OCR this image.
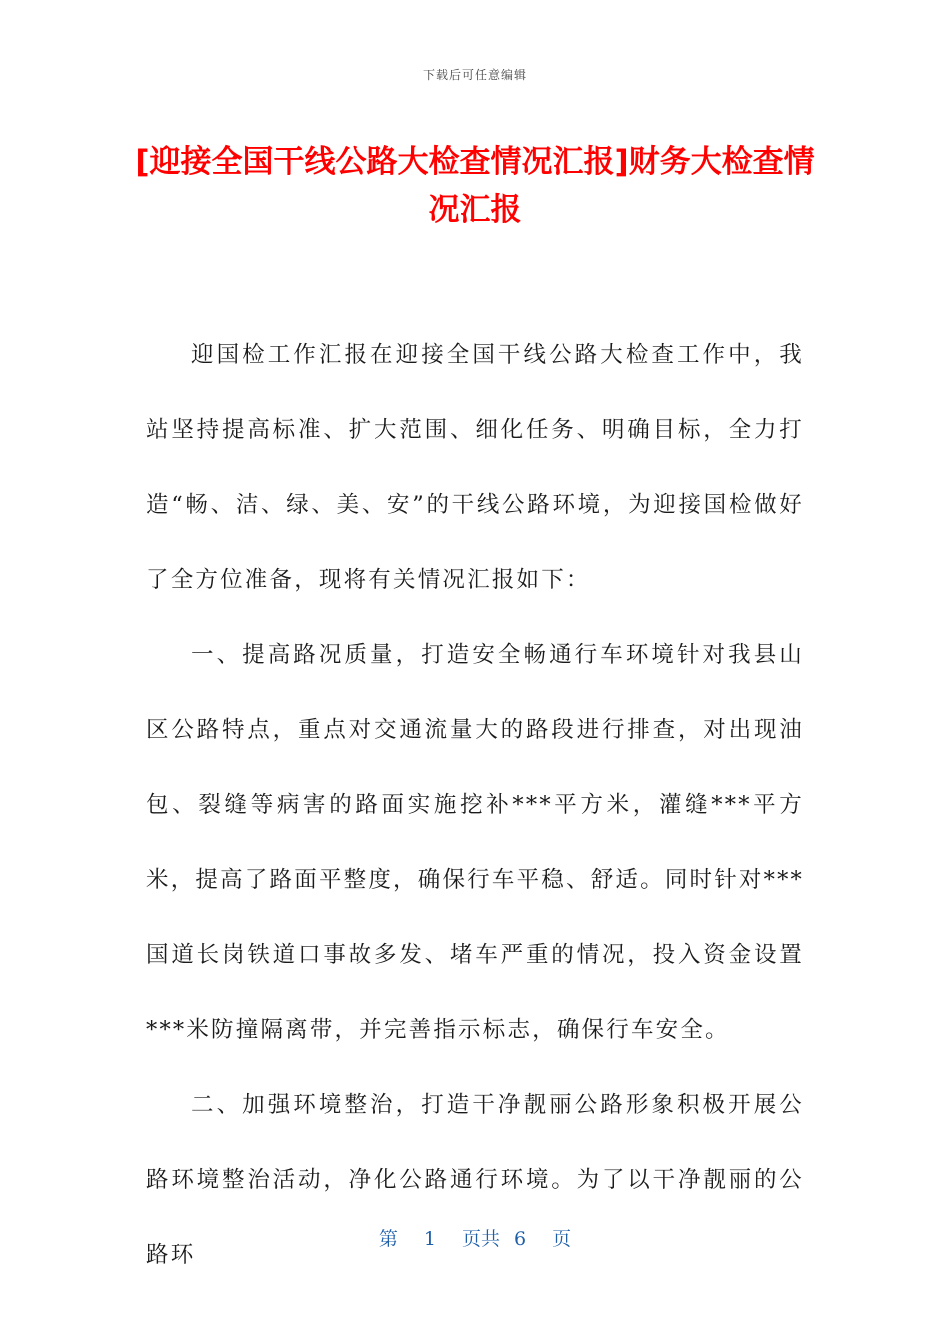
下载后可任意编辑
[迎接全国干线公路大检查情况汇报]财务大检查情况汇报

迎国检工作汇报在迎接全国干线公路大检查工作中，我站坚持提高标准、扩大范围、细化任务、明确目标，全力打造“畅、洁、绿、美、安”的干线公路环境，为迎接国检做好了全方位准备，现将有关情况汇报如下：

一、提高路况质量，打造安全畅通行车环境针对我县山区公路特点，重点对交通流量大的路段进行排查，对出现油包、裂缝等病害的路面实施挖补***平方米，灌缝***平方米，提高了路面平整度，确保行车平稳、舒适。同时针对***国道长岗铁道口事故多发、堵车严重的情况，投入资金设置***米防撞隔离带，并完善指示标志，确保行车安全。

二、加强环境整治，打造干净靓丽公路形象积极开展公路环境整治活动，净化公路通行环境。为了以干净靓丽的公路环

第 1 页共 6 页
